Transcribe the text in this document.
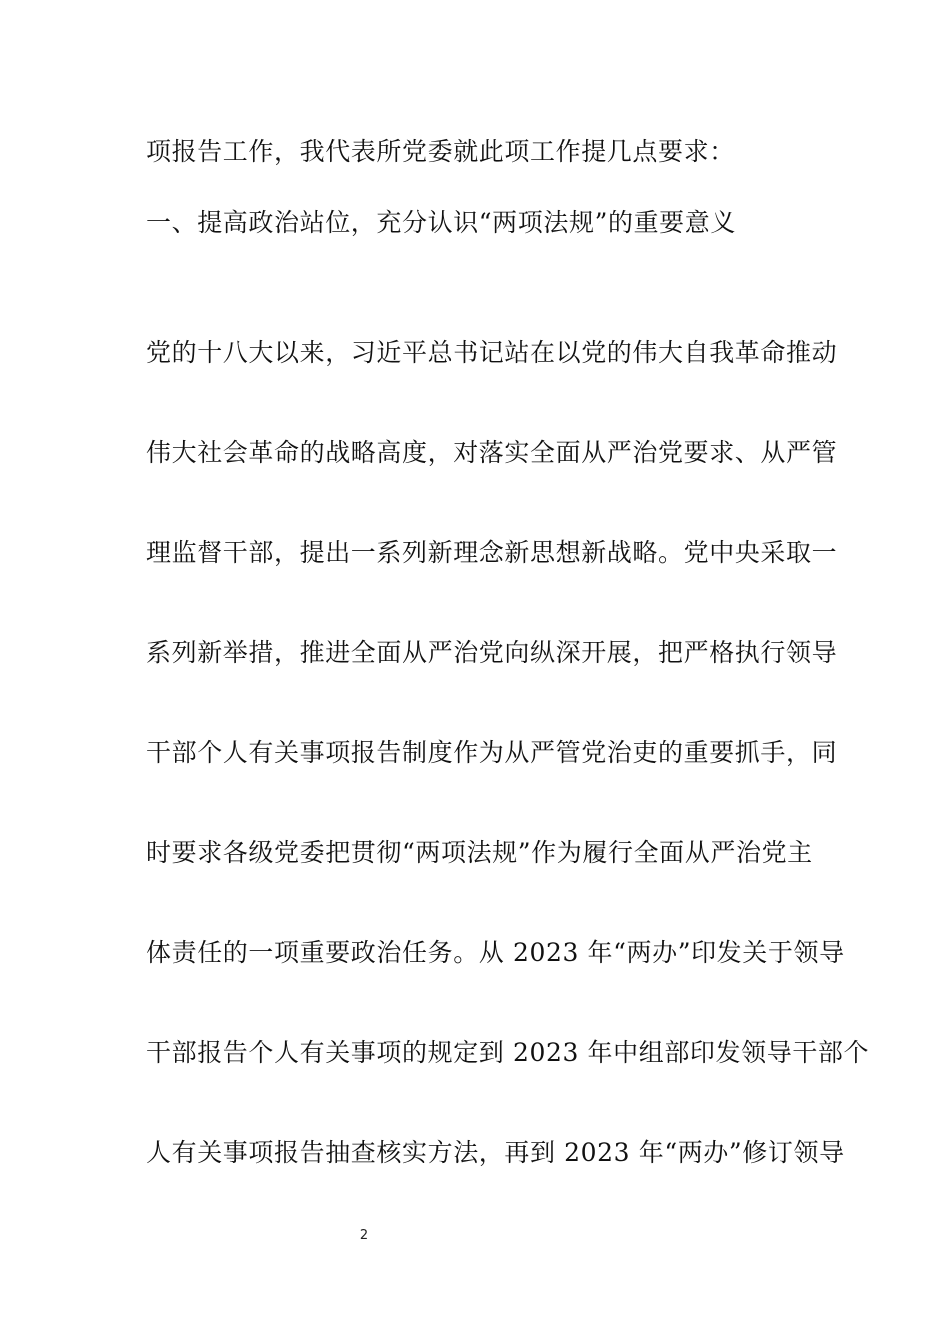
项报告工作，我代表所党委就此项工作提几点要求：
一、提高政治站位，充分认识“两项法规”的重要意义
党的十八大以来，习近平总书记站在以党的伟大自我革命推动
伟大社会革命的战略高度，对落实全面从严治党要求、从严管
理监督干部，提出一系列新理念新思想新战略。党中央采取一
系列新举措，推进全面从严治党向纵深开展，把严格执行领导
干部个人有关事项报告制度作为从严管党治吏的重要抓手，同
时要求各级党委把贯彻“两项法规”作为履行全面从严治党主
体责任的一项重要政治任务。从 2023 年“两办”印发关于领导
干部报告个人有关事项的规定到 2023 年中组部印发领导干部个
人有关事项报告抽查核实方法，再到 2023 年“两办”修订领导
2
